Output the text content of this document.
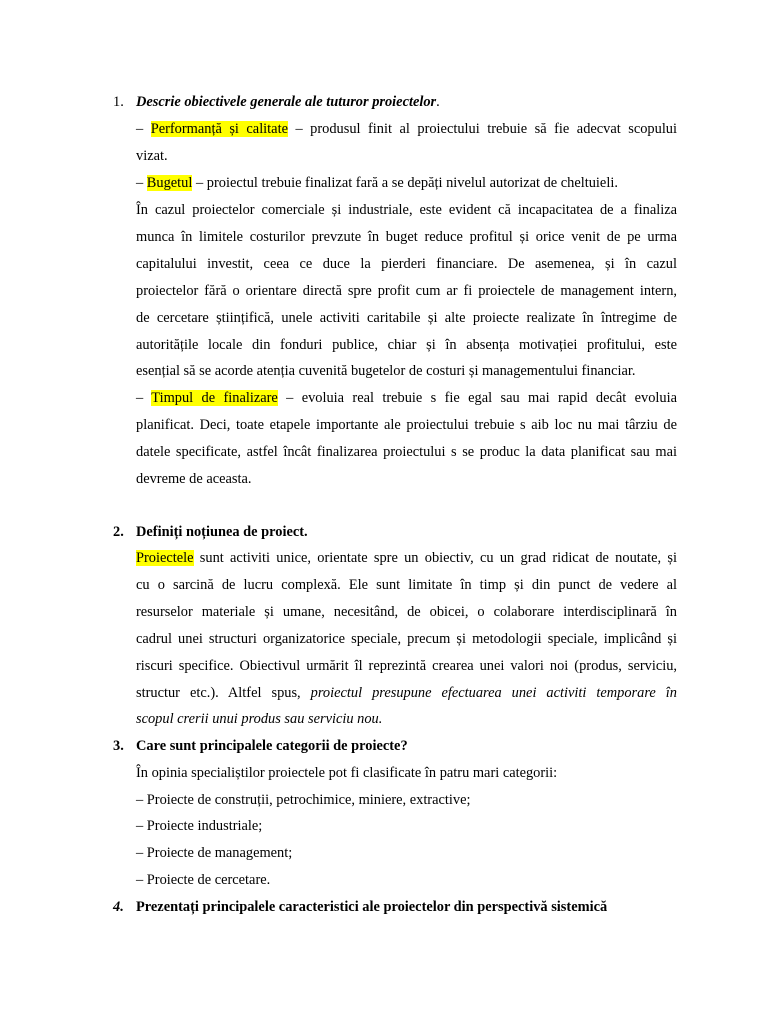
1. Descrie obiectivele generale ale tuturor proiectelor.
– Performanță și calitate – produsul finit al proiectului trebuie să fie adecvat scopului
vizat.
– Bugetul – proiectul trebuie finalizat fară a se depăți nivelul autorizat de cheltuieli.
În cazul proiectelor comerciale și industriale, este evident că incapacitatea de a finaliza
munca în limitele costurilor prevzute în buget reduce profitul și orice venit de pe urma
capitalului investit, ceea ce duce la pierderi financiare. De asemenea, și în cazul
proiectelor fără o orientare directă spre profit cum ar fi proiectele de management intern,
de cercetare științifică, unele activiti caritabile și alte proiecte realizate în întregime de
autoritățile locale din fonduri publice, chiar și în absența motivației profitului, este
esențial să se acorde atenția cuvenită bugetelor de costuri și managementului financiar.
– Timpul de finalizare – evoluia real trebuie s fie egal sau mai rapid decât evoluia
planificat. Deci, toate etapele importante ale proiectului trebuie s aib loc nu mai târziu de
datele specificate, astfel încât finalizarea proiectului s se produc la data planificat sau mai
devreme de aceasta.
2. Definiți noțiunea de proiect.
Proiectele sunt activiti unice, orientate spre un obiectiv, cu un grad ridicat de noutate, și
cu o sarcină de lucru complexă. Ele sunt limitate în timp și din punct de vedere al
resurselor materiale și umane, necesitând, de obicei, o colaborare interdisciplinară în
cadrul unei structuri organizatorice speciale, precum și metodologii speciale, implicând și
riscuri specifice. Obiectivul urmărit îl reprezintă crearea unei valori noi (produs, serviciu,
structur etc.). Altfel spus, proiectul presupune efectuarea unei activiti temporare în
scopul crerii unui produs sau serviciu nou.
3. Care sunt principalele categorii de proiecte?
În opinia specialiștilor proiectele pot fi clasificate în patru mari categorii:
– Proiecte de construții, petrochimice, miniere, extractive;
– Proiecte industriale;
– Proiecte de management;
– Proiecte de cercetare.
4. Prezentați principalele caracteristici ale proiectelor din perspectivă sistemică
